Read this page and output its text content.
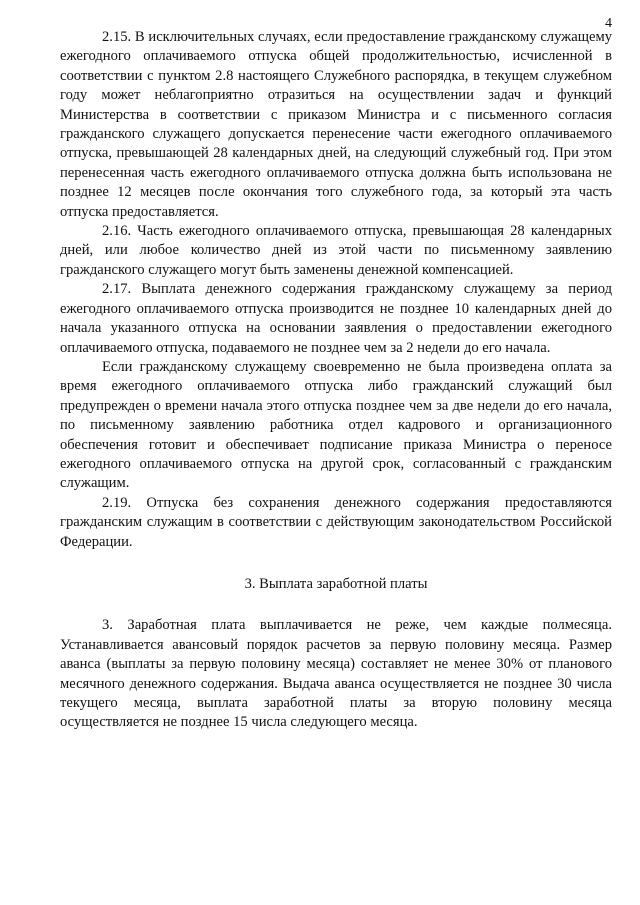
4

2.15. В исключительных случаях, если предоставление гражданскому служащему ежегодного оплачиваемого отпуска общей продолжительностью, исчисленной в соответствии с пунктом 2.8 настоящего Служебного распорядка, в текущем служебном году может неблагоприятно отразиться на осуществлении задач и функций Министерства в соответствии с приказом Министра и с письменного согласия гражданского служащего допускается перенесение части ежегодного оплачиваемого отпуска, превышающей 28 календарных дней, на следующий служебный год. При этом перенесенная часть ежегодного оплачиваемого отпуска должна быть использована не позднее 12 месяцев после окончания того служебного года, за который эта часть отпуска предоставляется.

2.16. Часть ежегодного оплачиваемого отпуска, превышающая 28 календарных дней, или любое количество дней из этой части по письменному заявлению гражданского служащего могут быть заменены денежной компенсацией.

2.17. Выплата денежного содержания гражданскому служащему за период ежегодного оплачиваемого отпуска производится не позднее 10 календарных дней до начала указанного отпуска на основании заявления о предоставлении ежегодного оплачиваемого отпуска, подаваемого не позднее чем за 2 недели до его начала.

Если гражданскому служащему своевременно не была произведена оплата за время ежегодного оплачиваемого отпуска либо гражданский служащий был предупрежден о времени начала этого отпуска позднее чем за две недели до его начала, по письменному заявлению работника отдел кадрового и организационного обеспечения готовит и обеспечивает подписание приказа Министра о переносе ежегодного оплачиваемого отпуска на другой срок, согласованный с гражданским служащим.

2.19. Отпуска без сохранения денежного содержания предоставляются гражданским служащим в соответствии с действующим законодательством Российской Федерации.

3. Выплата заработной платы

3. Заработная плата выплачивается не реже, чем каждые полмесяца. Устанавливается авансовый порядок расчетов за первую половину месяца. Размер аванса (выплаты за первую половину месяца) составляет не менее 30% от планового месячного денежного содержания. Выдача аванса осуществляется не позднее 30 числа текущего месяца, выплата заработной платы за вторую половину месяца осуществляется не позднее 15 числа следующего месяца.
